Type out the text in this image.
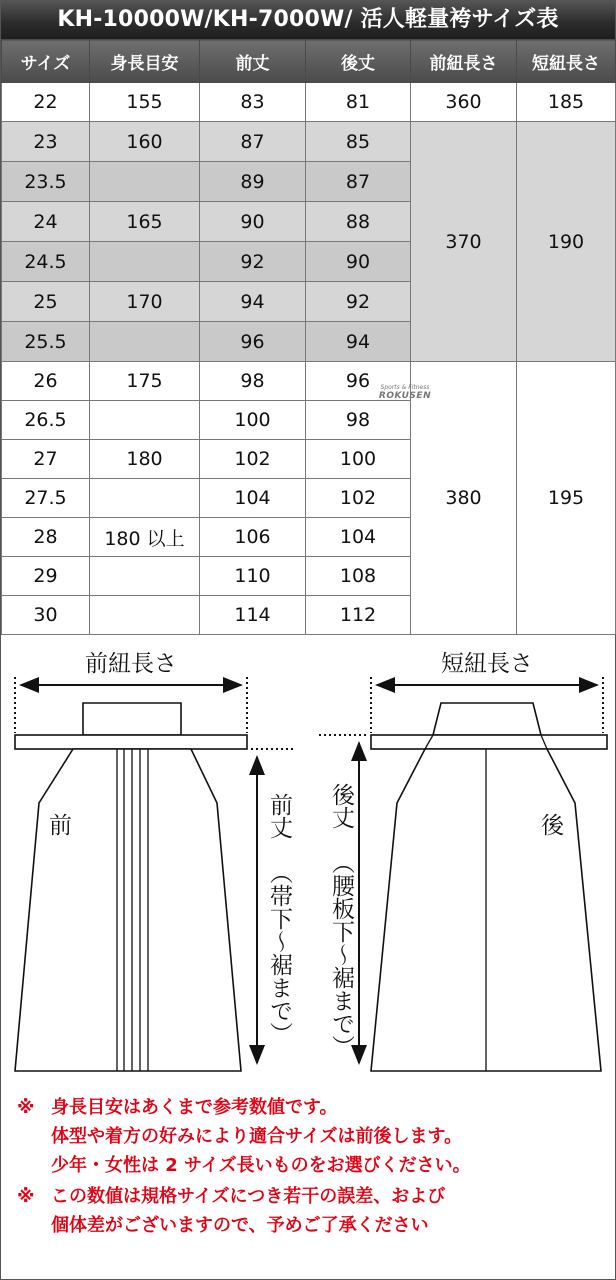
KH-10000W/KH-7000W/ 活人軽量袴サイズ表
サイズ	身長目安	前丈	後丈	前紐長さ	短紐長さ
22	155	83	81	360	185
23	160	87	85	370	190
23.5		89	87		
24	165	90	88		
24.5		92	90		
25	170	94	92		
25.5		96	94		
26	175	98	96	380	195
26.5		100	98		
27	180	102	100		
27.5		104	102		
28	180 以上	106	104		
29		110	108		
30		114	112		
Sports & Fitness
ROKUSEN
前
前紐長さ
前丈
（帯下〜裾まで）
後
短紐長さ
後丈
（腰板下〜裾まで）

※ 身長目安はあくまで参考数値です。
体型や着方の好みにより適合サイズは前後します。
少年・女性は 2 サイズ長いものをお選びください。

※ この数値は規格サイズにつき若干の誤差、および
個体差がございますので、予めご了承ください
